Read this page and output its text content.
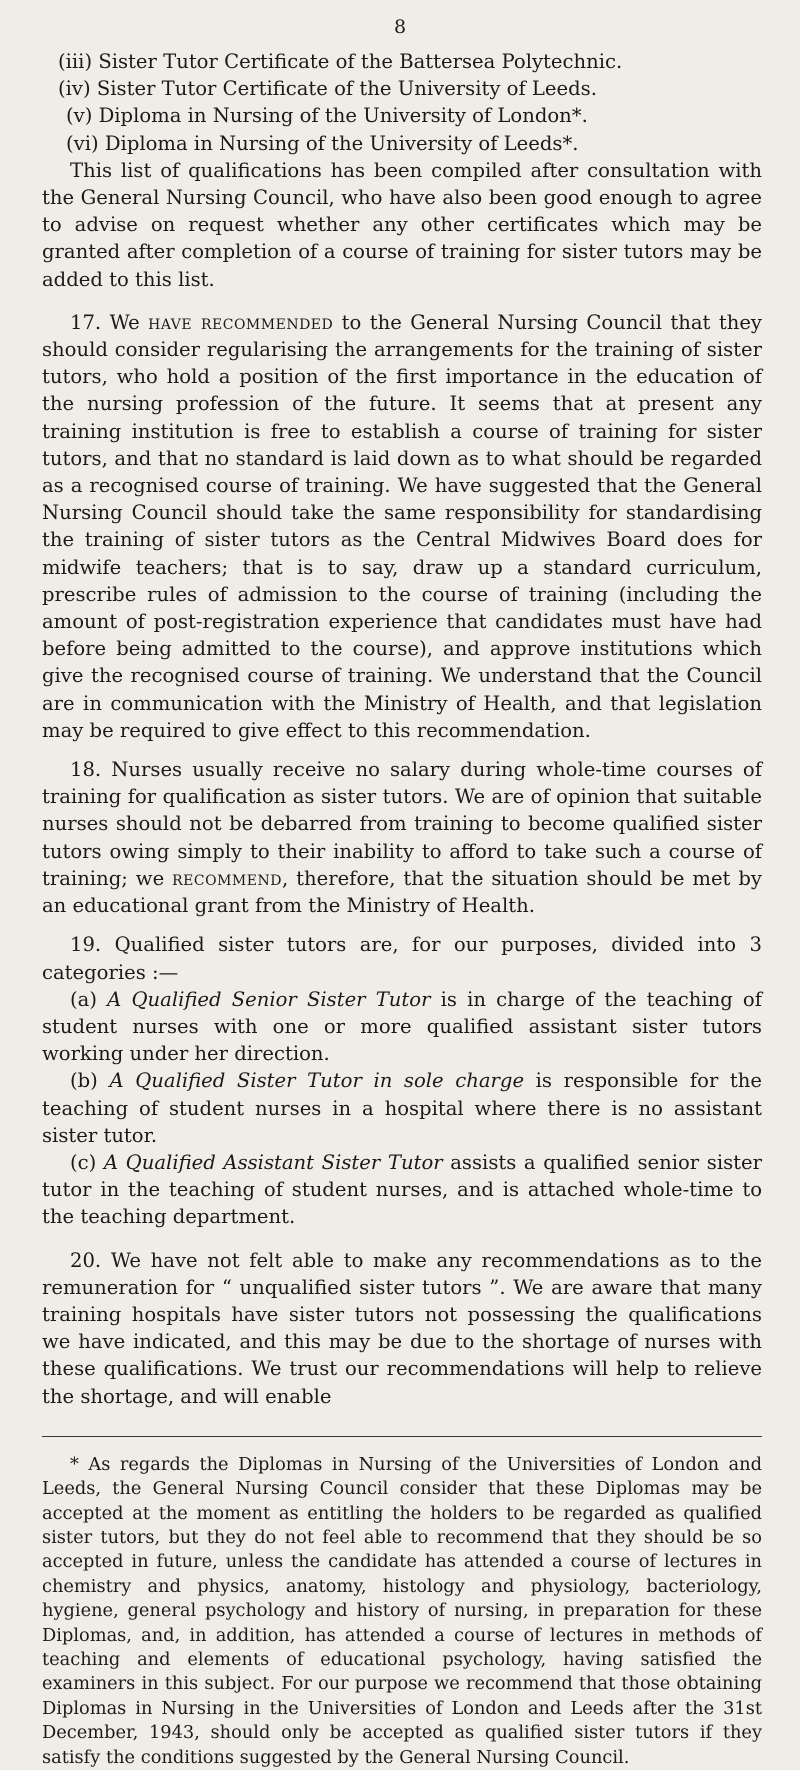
8
(iii) Sister Tutor Certificate of the Battersea Polytechnic.
(iv) Sister Tutor Certificate of the University of Leeds.
(v) Diploma in Nursing of the University of London*.
(vi) Diploma in Nursing of the University of Leeds*.

This list of qualifications has been compiled after consultation with the General Nursing Council, who have also been good enough to agree to advise on request whether any other certificates which may be granted after completion of a course of training for sister tutors may be added to this list.

17. We have recommended to the General Nursing Council that they should consider regularising the arrangements for the training of sister tutors, who hold a position of the first importance in the education of the nursing profession of the future. It seems that at present any training institution is free to establish a course of training for sister tutors, and that no standard is laid down as to what should be regarded as a recognised course of training. We have suggested that the General Nursing Council should take the same responsibility for standardising the training of sister tutors as the Central Midwives Board does for midwife teachers; that is to say, draw up a standard curriculum, prescribe rules of admission to the course of training (including the amount of post-registration experience that candidates must have had before being admitted to the course), and approve institutions which give the recognised course of training. We understand that the Council are in communication with the Ministry of Health, and that legislation may be required to give effect to this recommendation.

18. Nurses usually receive no salary during whole-time courses of training for qualification as sister tutors. We are of opinion that suitable nurses should not be debarred from training to become qualified sister tutors owing simply to their inability to afford to take such a course of training; we recommend, therefore, that the situation should be met by an educational grant from the Ministry of Health.

19. Qualified sister tutors are, for our purposes, divided into 3 categories :—

(a) A Qualified Senior Sister Tutor is in charge of the teaching of student nurses with one or more qualified assistant sister tutors working under her direction.

(b) A Qualified Sister Tutor in sole charge is responsible for the teaching of student nurses in a hospital where there is no assistant sister tutor.

(c) A Qualified Assistant Sister Tutor assists a qualified senior sister tutor in the teaching of student nurses, and is attached whole-time to the teaching department.

20. We have not felt able to make any recommendations as to the remuneration for “ unqualified sister tutors ”. We are aware that many training hospitals have sister tutors not possessing the qualifications we have indicated, and this may be due to the shortage of nurses with these qualifications. We trust our recommendations will help to relieve the shortage, and will enable

* As regards the Diplomas in Nursing of the Universities of London and Leeds, the General Nursing Council consider that these Diplomas may be accepted at the moment as entitling the holders to be regarded as qualified sister tutors, but they do not feel able to recommend that they should be so accepted in future, unless the candidate has attended a course of lectures in chemistry and physics, anatomy, histology and physiology, bacteriology, hygiene, general psychology and history of nursing, in preparation for these Diplomas, and, in addition, has attended a course of lectures in methods of teaching and elements of educational psychology, having satisfied the examiners in this subject. For our purpose we recommend that those obtaining Diplomas in Nursing in the Universities of London and Leeds after the 31st December, 1943, should only be accepted as qualified sister tutors if they satisfy the conditions suggested by the General Nursing Council.
